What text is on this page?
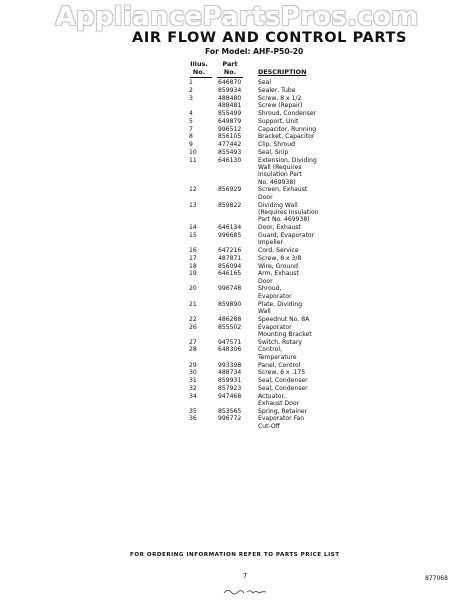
AppliancePartsPros.com
AIR FLOW AND CONTROL PARTS
For Model: AHF-P50-20
Illus.
No.
Part
No.	DESCRIPTION
1	646870	Seal
2	859934	Sealer, Tube
3	488480	Screw, 8 x 1/2
488481	Screw (Repair)
4	855499	Shroud, Condenser
5	649879	Support, Unit
7	996512	Capacitor, Running
8	856105	Bracket, Capacitor
9	477442	Clip, Shroud
10	855493	Seal, Snip
11	646130	Extension, Dividing
Wall (Requires
Insulation Part
No. 469938)
12	856929	Screen, Exhaust
Door
13	859822	Dividing Wall
(Requires Insulation
Part No. 469938)
14	646134	Door, Exhaust
15	996685	Guard, Evaporator
Impeller
16	647216	Cord, Service
17	487871	Screw, 8 x 3/8
18	856094	Wire, Ground
19	646165	Arm, Exhaust
Door
20	996748	Shroud,
Evaporator
21	859890	Plate, Dividing
Wall
22	486288	Speednut No. 8A
26	855502	Evaporator
Mounting Bracket
27	947571	Switch, Rotary
28	648306	Control,
Temperature
29	993398	Panel, Control
30	488734	Screw, 6 x .175
31	859931	Seal, Condenser
32	857923	Seal, Condenser
34	947468	Actuator,
Exhaust Door
35	853565	Spring, Retainer
36	996772	Evaporator Fan
Cut-Off
FOR ORDERING INFORMATION REFER TO PARTS PRICE LIST
7	877068
